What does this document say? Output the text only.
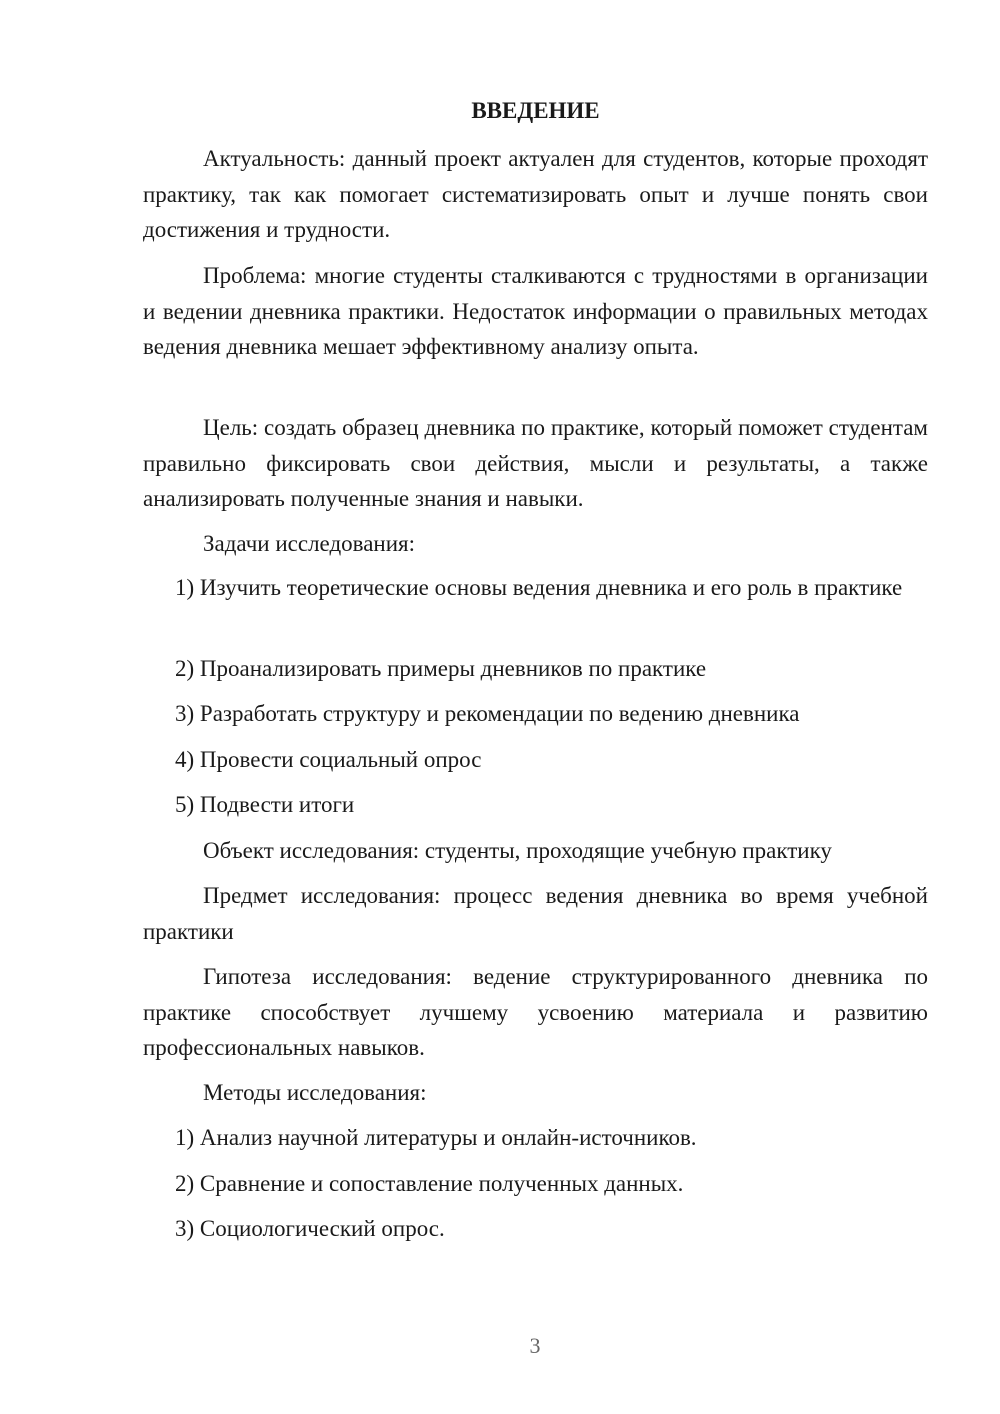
ВВЕДЕНИЕ

Актуальность: данный проект актуален для студентов, которые проходят практику, так как помогает систематизировать опыт и лучше понять свои достижения и трудности.

Проблема: многие студенты сталкиваются с трудностями в организации и ведении дневника практики. Недостаток информации о правильных методах ведения дневника мешает эффективному анализу опыта.

Цель: создать образец дневника по практике, который поможет студентам правильно фиксировать свои действия, мысли и результаты, а также анализировать полученные знания и навыки.

Задачи исследования:

1) Изучить теоретические основы ведения дневника и его роль в практике

2) Проанализировать примеры дневников по практике

3) Разработать структуру и рекомендации по ведению дневника

4) Провести социальный опрос

5) Подвести итоги

Объект исследования: студенты, проходящие учебную практику

Предмет исследования: процесс ведения дневника во время учебной практики

Гипотеза исследования: ведение структурированного дневника по практике способствует лучшему усвоению материала и развитию профессиональных навыков.

Методы исследования:

1) Анализ научной литературы и онлайн-источников.

2) Сравнение и сопоставление полученных данных.

3) Социологический опрос.

3
